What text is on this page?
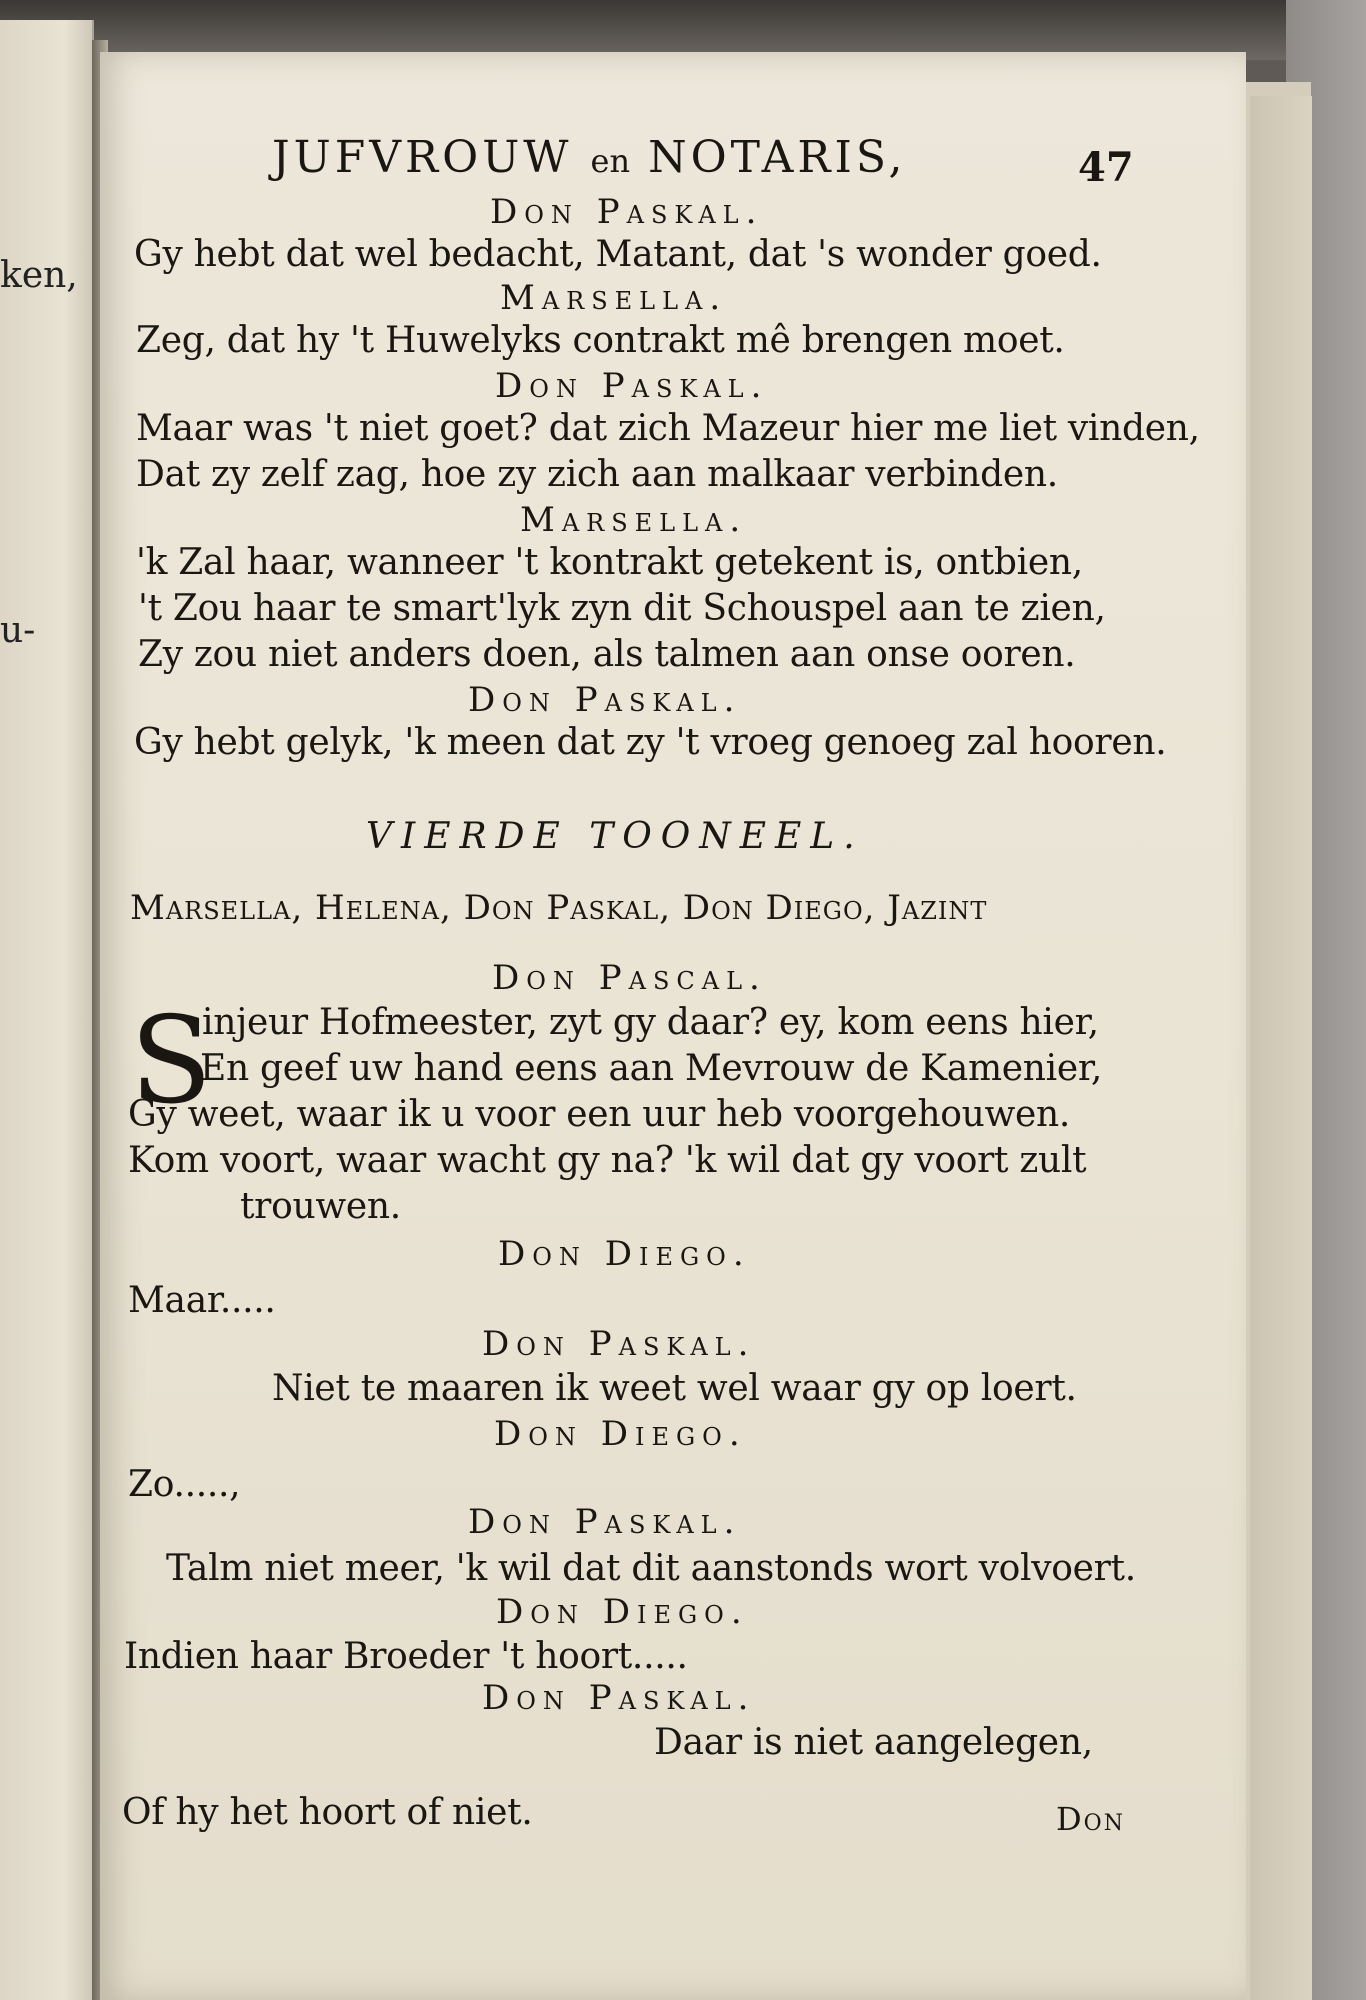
ken,
u-
JUFVROUW en NOTARIS,	47
S
Don Paskal.
Gy hebt dat wel bedacht, Matant, dat 's wonder goed.
Marsella.
Zeg, dat hy 't Huwelyks contrakt mê brengen moet.
Don Paskal.
Maar was 't niet goet? dat zich Mazeur hier me liet vinden,
Dat zy zelf zag, hoe zy zich aan malkaar verbinden.
Marsella.
'k Zal haar, wanneer 't kontrakt getekent is, ontbien,
't Zou haar te smart'lyk zyn dit Schouspel aan te zien,
Zy zou niet anders doen, als talmen aan onse ooren.
Don Paskal.
Gy hebt gelyk, 'k meen dat zy 't vroeg genoeg zal hooren.
VIERDE TOONEEL.
Marsella, Helena, Don Paskal, Don Diego, Jazint
Don Pascal.
injeur Hofmeester, zyt gy daar? ey, kom eens hier,
En geef uw hand eens aan Mevrouw de Kamenier,
Gy weet, waar ik u voor een uur heb voorgehouwen.
Kom voort, waar wacht gy na? 'k wil dat gy voort zult
trouwen.
Don Diego.
Maar.....
Don Paskal.
Niet te maaren ik weet wel waar gy op loert.
Don Diego.
Zo.....,
Don Paskal.
Talm niet meer, 'k wil dat dit aanstonds wort volvoert.
Don Diego.
Indien haar Broeder 't hoort.....
Don Paskal.
Daar is niet aangelegen,
Of hy het hoort of niet.	Don
